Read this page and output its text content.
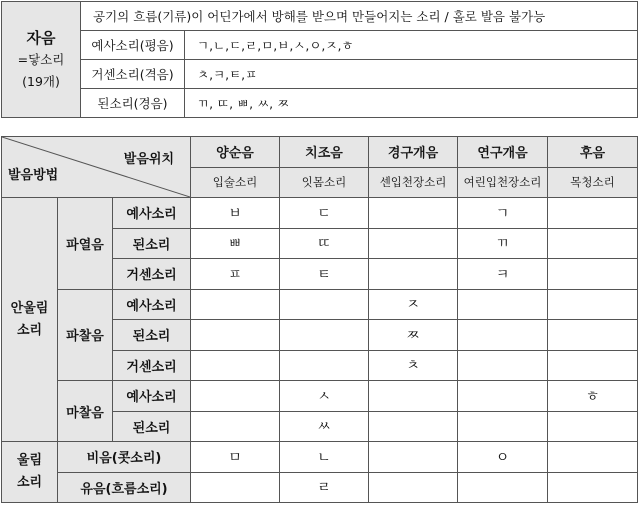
자음
=닿소리
(19개)	공기의 흐름(기류)이 어딘가에서 방해를 받으며 만들어지는 소리 / 홀로 발음 불가능	
	예사소리(평음)	ㄱ,ㄴ,ㄷ,ㄹ,ㅁ,ㅂ,ㅅ,ㅇ,ㅈ,ㅎ
	거센소리(격음)	ㅊ,ㅋ,ㅌ,ㅍ
	된소리(경음)	ㄲ, ㄸ, ㅃ, ㅆ, ㅉ
발음위치
발음방법			양순음	치조음	경구개음	연구개음	후음
			입술소리	잇몸소리	센입천장소리	여린입천장소리	목청소리
안울림
소리	파열음	예사소리	ㅂ	ㄷ		ㄱ	
		된소리	ㅃ	ㄸ		ㄲ	
		거센소리	ㅍ	ㅌ		ㅋ	
	파찰음	예사소리			ㅈ		
		된소리			ㅉ		
		거센소리			ㅊ		
	마찰음	예사소리		ㅅ			ㅎ
		된소리		ㅆ			
울림
소리	비음(콧소리)		ㅁ	ㄴ		ㅇ	
	유음(흐름소리)			ㄹ			
